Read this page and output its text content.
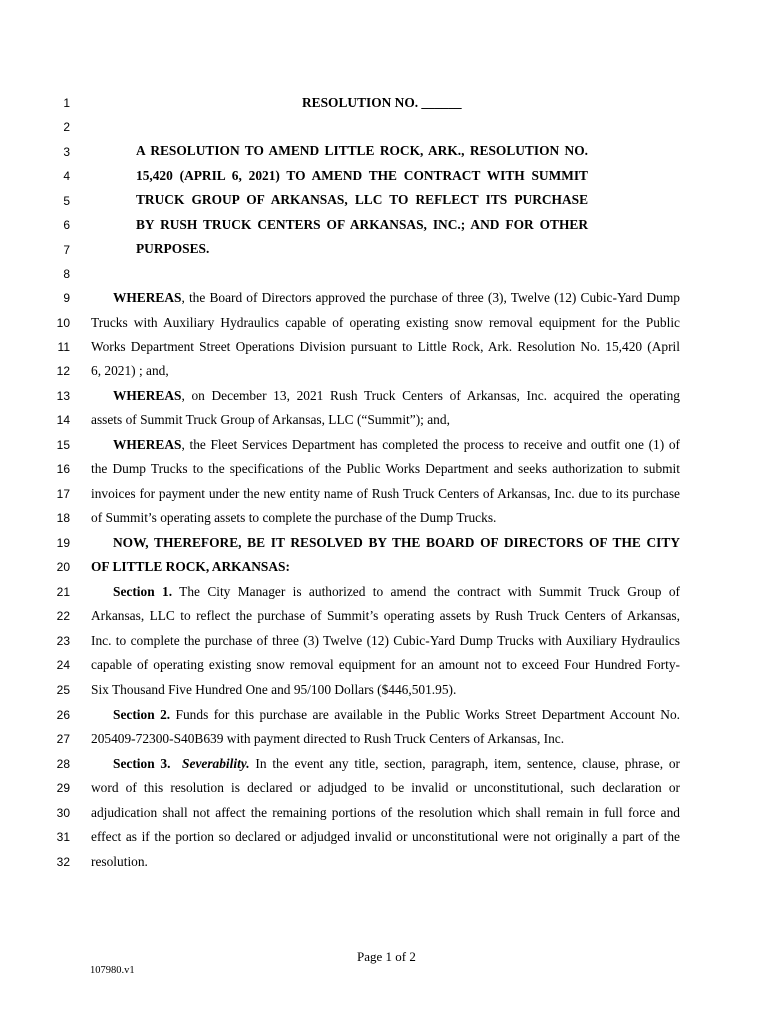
1
2
3
4
5
6
7
8
9
10
11
12
13
14
15
16
17
18
19
20
21
22
23
24
25
26
27
28
29
30
31
32
RESOLUTION NO. ______
A RESOLUTION TO AMEND LITTLE ROCK, ARK., RESOLUTION NO.
15,420 (APRIL 6, 2021) TO AMEND THE CONTRACT WITH SUMMIT
TRUCK GROUP OF ARKANSAS, LLC TO REFLECT ITS PURCHASE
BY RUSH TRUCK CENTERS OF ARKANSAS, INC.; AND FOR OTHER
PURPOSES.
WHEREAS, the Board of Directors approved the purchase of three (3), Twelve (12) Cubic-Yard Dump
Trucks with Auxiliary Hydraulics capable of operating existing snow removal equipment for the Public
Works Department Street Operations Division pursuant to Little Rock, Ark. Resolution No. 15,420 (April
6, 2021) ; and,
WHEREAS, on December 13, 2021 Rush Truck Centers of Arkansas, Inc. acquired the operating
assets of Summit Truck Group of Arkansas, LLC (“Summit”); and,
WHEREAS, the Fleet Services Department has completed the process to receive and outfit one (1) of
the Dump Trucks to the specifications of the Public Works Department and seeks authorization to submit
invoices for payment under the new entity name of Rush Truck Centers of Arkansas, Inc. due to its purchase
of Summit’s operating assets to complete the purchase of the Dump Trucks.
NOW, THEREFORE, BE IT RESOLVED BY THE BOARD OF DIRECTORS OF THE CITY
OF LITTLE ROCK, ARKANSAS:
Section 1. The City Manager is authorized to amend the contract with Summit Truck Group of
Arkansas, LLC to reflect the purchase of Summit’s operating assets by Rush Truck Centers of Arkansas,
Inc. to complete the purchase of three (3) Twelve (12) Cubic-Yard Dump Trucks with Auxiliary Hydraulics
capable of operating existing snow removal equipment for an amount not to exceed Four Hundred Forty-
Six Thousand Five Hundred One and 95/100 Dollars ($446,501.95).
Section 2. Funds for this purchase are available in the Public Works Street Department Account No.
205409-72300-S40B639 with payment directed to Rush Truck Centers of Arkansas, Inc.
Section 3. Severability. In the event any title, section, paragraph, item, sentence, clause, phrase, or
word of this resolution is declared or adjudged to be invalid or unconstitutional, such declaration or
adjudication shall not affect the remaining portions of the resolution which shall remain in full force and
effect as if the portion so declared or adjudged invalid or unconstitutional were not originally a part of the
resolution.
Page 1 of 2
107980.v1
